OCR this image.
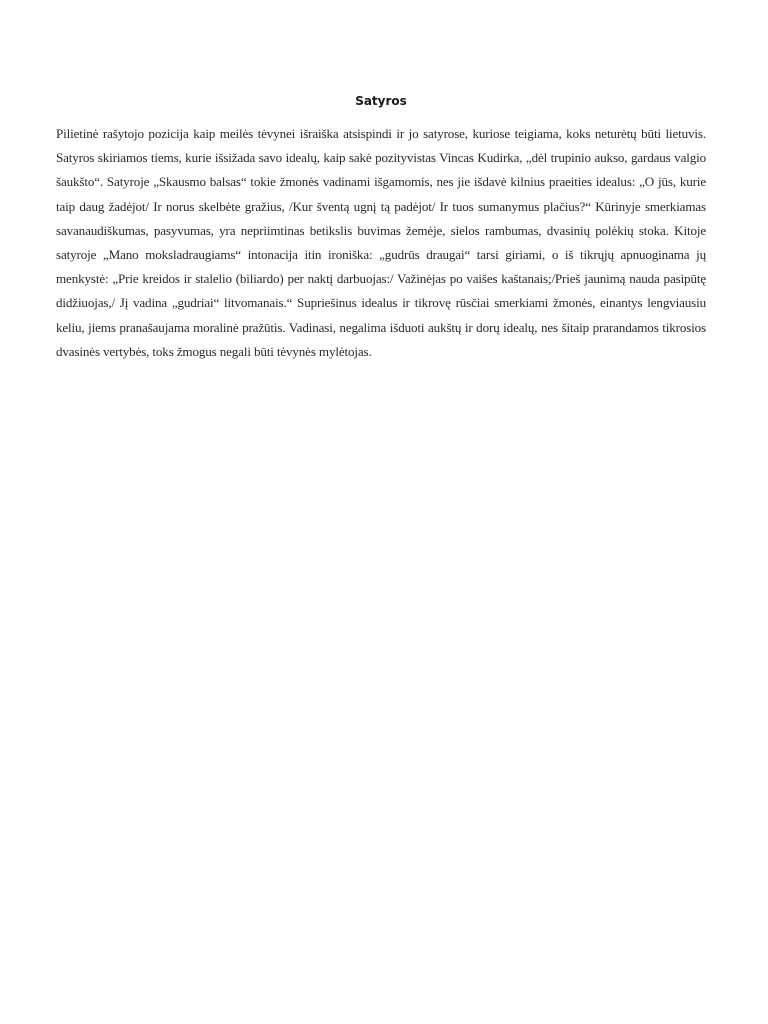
Satyros

Pilietinė rašytojo pozicija kaip meilės tėvynei išraiška atsispindi ir jo satyrose, kuriose teigiama, koks neturėtų būti lietuvis. Satyros skiriamos tiems, kurie išsižada savo idealų, kaip sakė pozityvistas Vincas Kudirka, „dėl trupinio aukso, gardaus valgio šaukšto“. Satyroje „Skausmo balsas“ tokie žmonės vadinami išgamomis, nes jie išdavė kilnius praeities idealus: „O jūs, kurie taip daug žadėjot/ Ir norus skelbėte gražius, /Kur šventą ugnį tą padėjot/ Ir tuos sumanymus plačius?“ Kūrinyje smerkiamas savanaudiškumas, pasyvumas, yra nepriimtinas betikslis buvimas žemėje, sielos rambumas, dvasinių polėkių stoka. Kitoje satyroje „Mano moksladraugiams“ intonacija itin ironiška: „gudrūs draugai“ tarsi giriami, o iš tikrųjų apnuoginama jų menkystė: „Prie kreidos ir stalelio (biliardo) per naktį darbuojas:/ Važinėjas po vaišes kaštanais;/Prieš jaunimą nauda pasipūtę didžiuojas,/ Jį vadina „gudriai“ litvomanais.“ Supriešinus idealus ir tikrovę rūsčiai smerkiami žmonės, einantys lengviausiu keliu, jiems pranašaujama moralinė pražūtis. Vadinasi, negalima išduoti aukštų ir dorų idealų, nes šitaip prarandamos tikrosios dvasinės vertybės, toks žmogus negali būti tėvynės mylėtojas.
